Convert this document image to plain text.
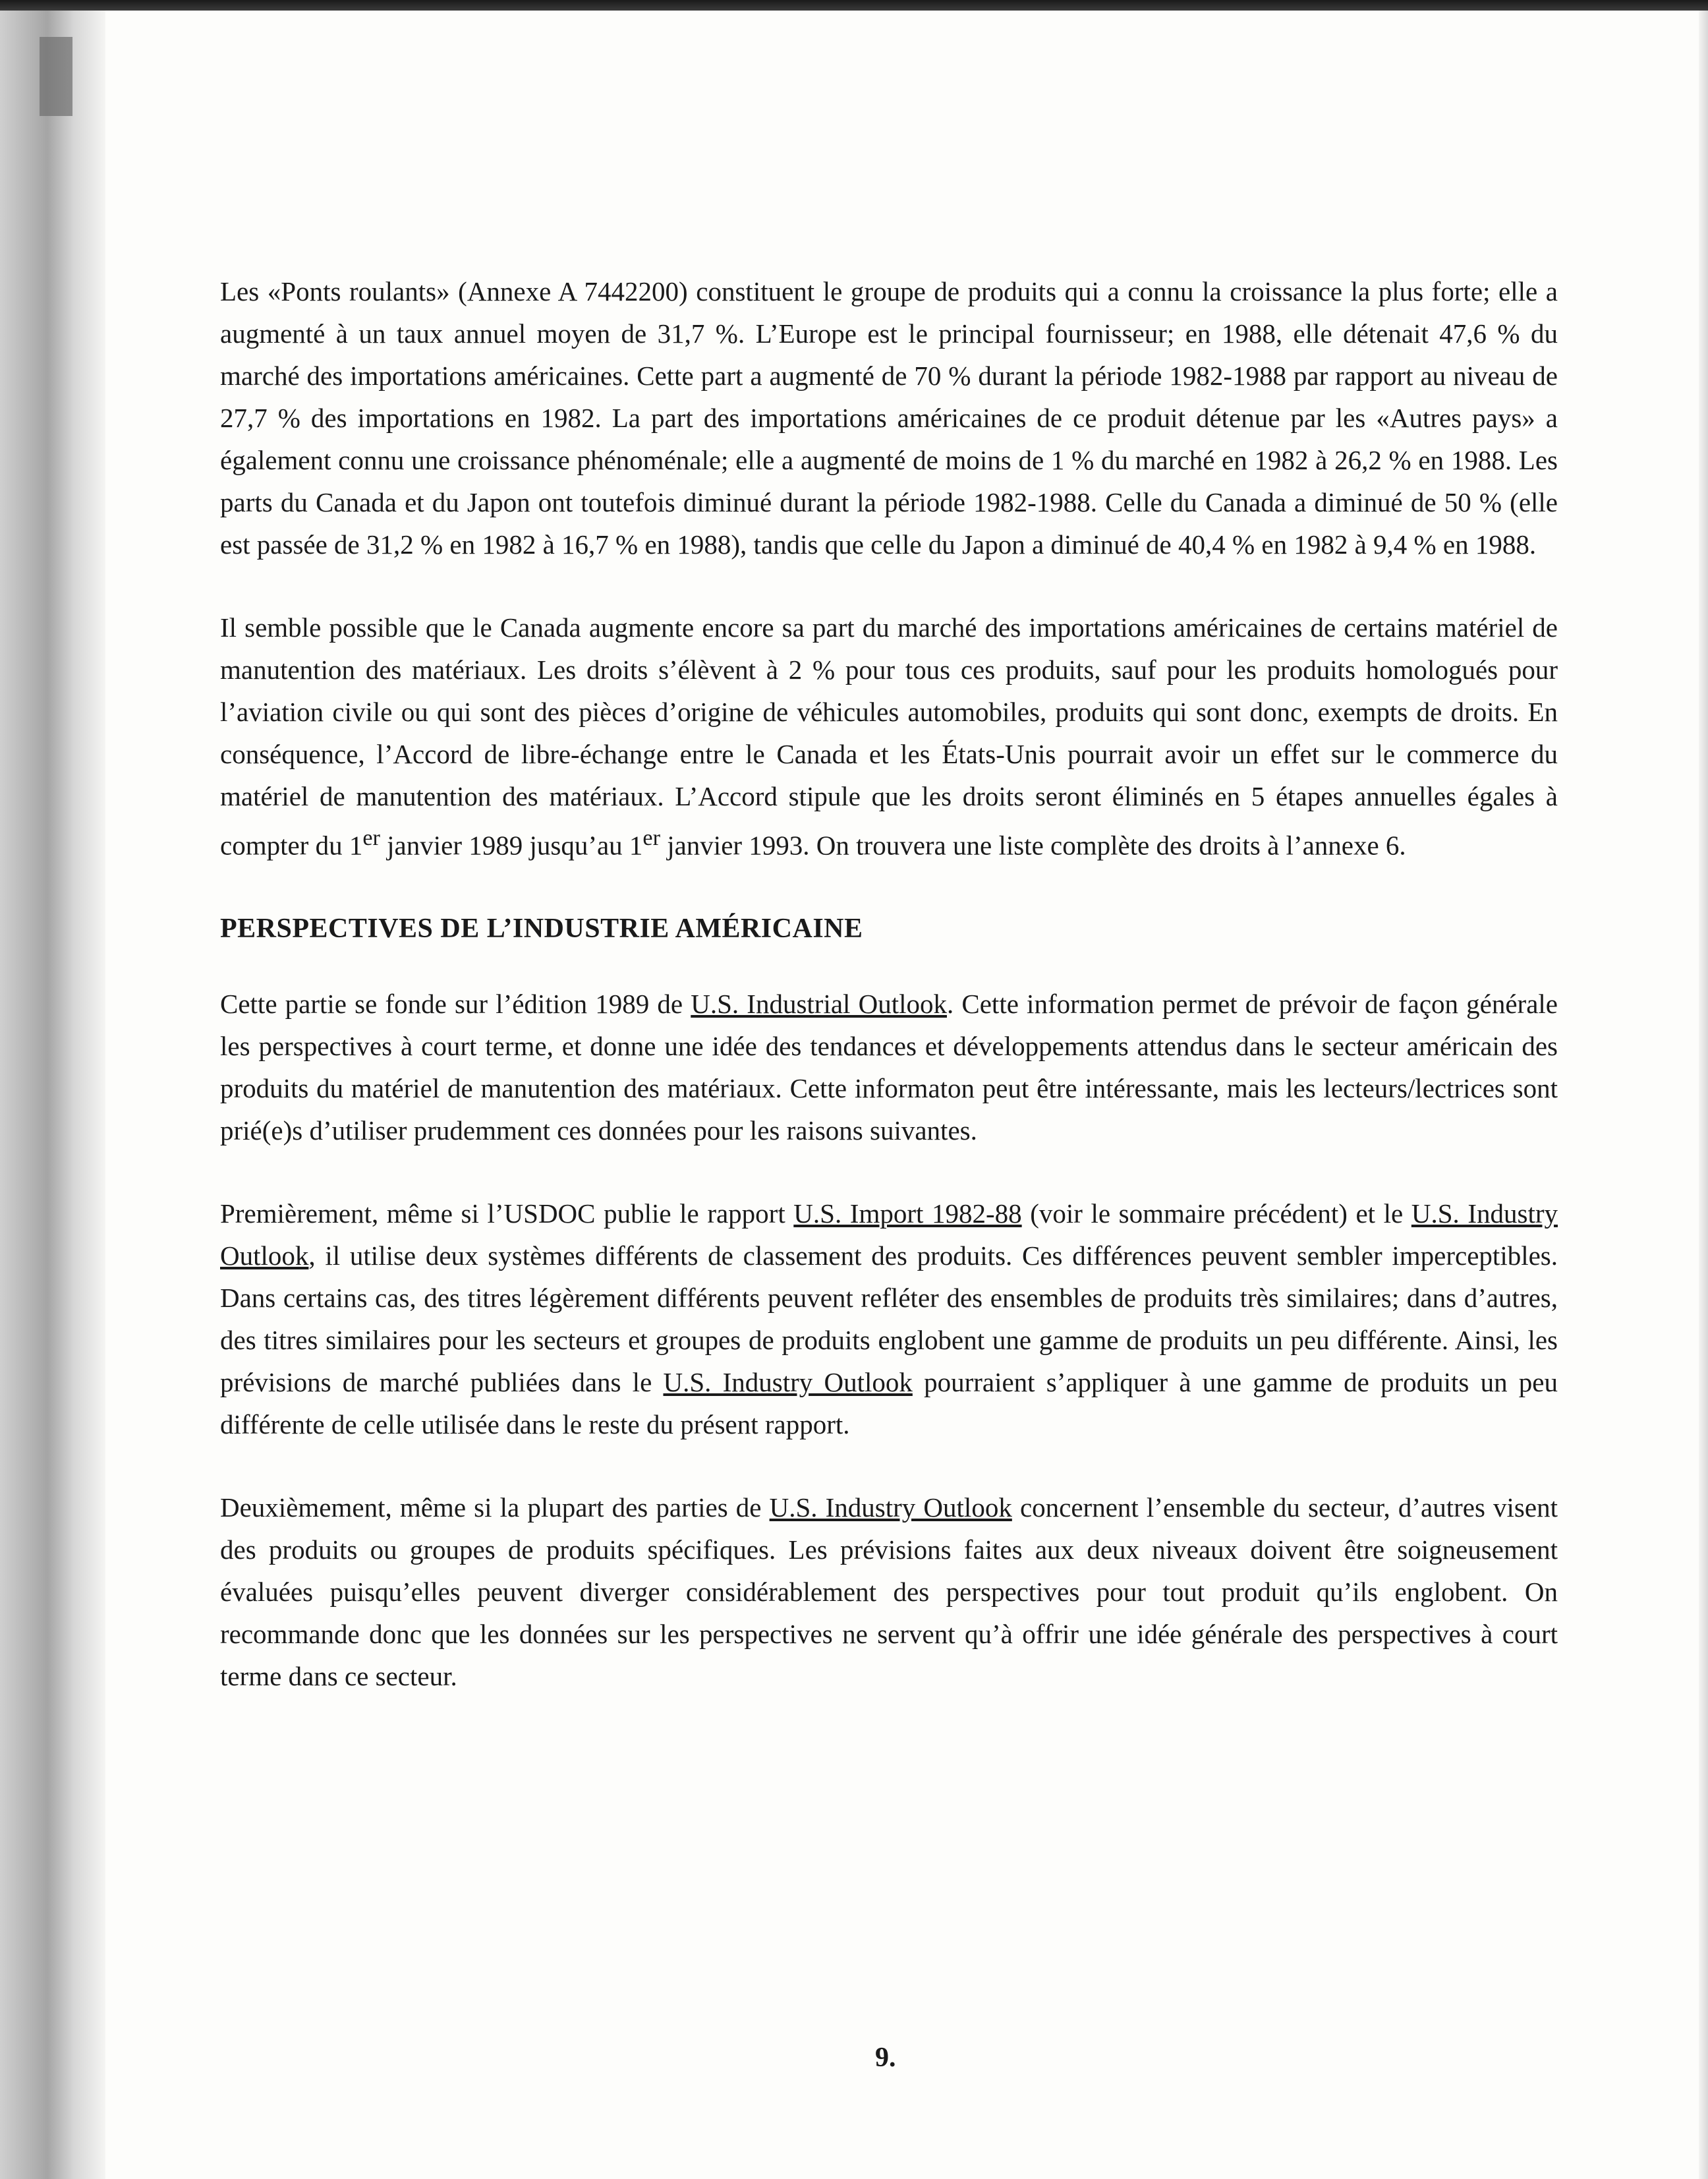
Les «Ponts roulants» (Annexe A 7442200) constituent le groupe de produits qui a connu la croissance la plus forte; elle a augmenté à un taux annuel moyen de 31,7 %. L’Europe est le principal fournisseur; en 1988, elle détenait 47,6 % du marché des importations américaines. Cette part a augmenté de 70 % durant la période 1982-1988 par rapport au niveau de 27,7 % des importations en 1982. La part des importations américaines de ce produit détenue par les «Autres pays» a également connu une croissance phénoménale; elle a augmenté de moins de 1 % du marché en 1982 à 26,2 % en 1988. Les parts du Canada et du Japon ont toutefois diminué durant la période 1982-1988. Celle du Canada a diminué de 50 % (elle est passée de 31,2 % en 1982 à 16,7 % en 1988), tandis que celle du Japon a diminué de 40,4 % en 1982 à 9,4 % en 1988.

Il semble possible que le Canada augmente encore sa part du marché des importations américaines de certains matériel de manutention des matériaux. Les droits s’élèvent à 2 % pour tous ces produits, sauf pour les produits homologués pour l’aviation civile ou qui sont des pièces d’origine de véhicules automobiles, produits qui sont donc, exempts de droits. En conséquence, l’Accord de libre-échange entre le Canada et les États-Unis pourrait avoir un effet sur le commerce du matériel de manutention des matériaux. L’Accord stipule que les droits seront éliminés en 5 étapes annuelles égales à compter du 1er janvier 1989 jusqu’au 1er janvier 1993. On trouvera une liste complète des droits à l’annexe 6.

PERSPECTIVES DE L’INDUSTRIE AMÉRICAINE

Cette partie se fonde sur l’édition 1989 de U.S. Industrial Outlook. Cette information permet de prévoir de façon générale les perspectives à court terme, et donne une idée des tendances et développements attendus dans le secteur américain des produits du matériel de manutention des matériaux. Cette informaton peut être intéressante, mais les lecteurs/lectrices sont prié(e)s d’utiliser prudemment ces données pour les raisons suivantes.

Premièrement, même si l’USDOC publie le rapport U.S. Import 1982-88 (voir le sommaire précédent) et le U.S. Industry Outlook, il utilise deux systèmes différents de classement des produits. Ces différences peuvent sembler imperceptibles. Dans certains cas, des titres légèrement différents peuvent refléter des ensembles de produits très similaires; dans d’autres, des titres similaires pour les secteurs et groupes de produits englobent une gamme de produits un peu différente. Ainsi, les prévisions de marché publiées dans le U.S. Industry Outlook pourraient s’appliquer à une gamme de produits un peu différente de celle utilisée dans le reste du présent rapport.

Deuxièmement, même si la plupart des parties de U.S. Industry Outlook concernent l’ensemble du secteur, d’autres visent des produits ou groupes de produits spécifiques. Les prévisions faites aux deux niveaux doivent être soigneusement évaluées puisqu’elles peuvent diverger considérablement des perspectives pour tout produit qu’ils englobent. On recommande donc que les données sur les perspectives ne servent qu’à offrir une idée générale des perspectives à court terme dans ce secteur.

9.
